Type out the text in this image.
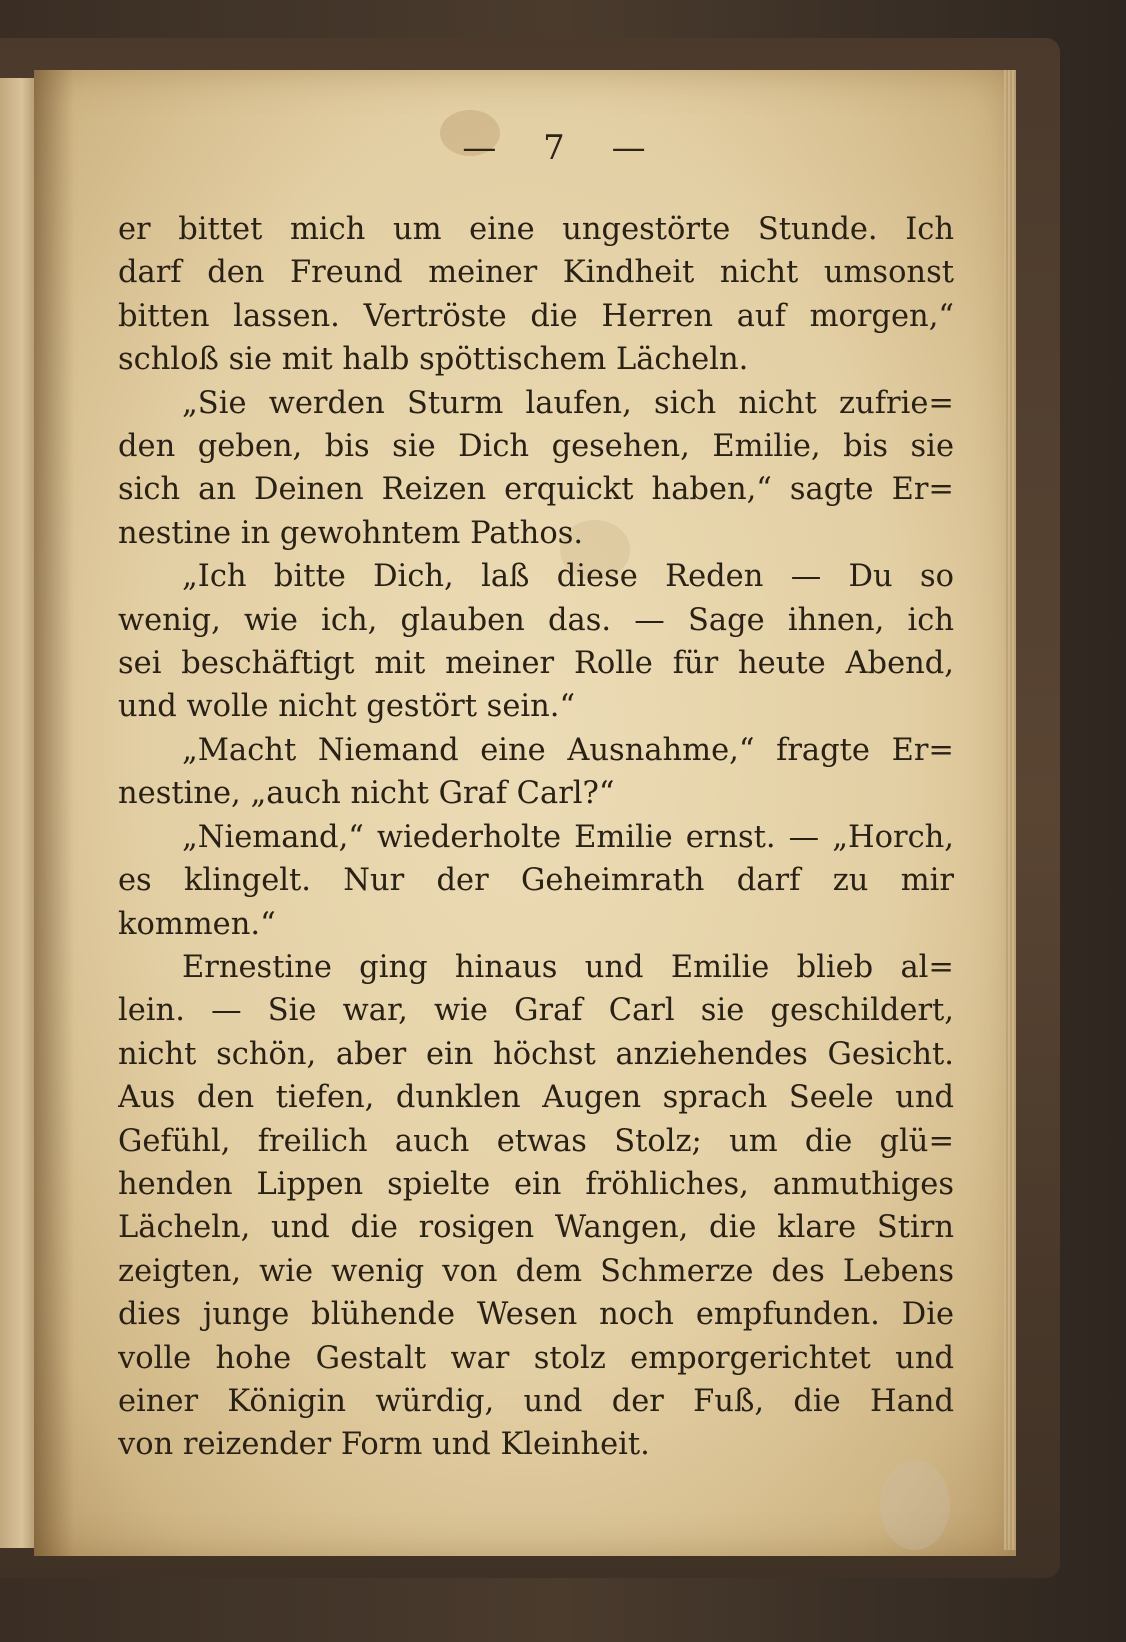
— 7 —
er bittet mich um eine ungestörte Stunde. Ich
darf den Freund meiner Kindheit nicht umsonst
bitten lassen. Vertröste die Herren auf morgen,“
schloß sie mit halb spöttischem Lächeln.
„Sie werden Sturm laufen, sich nicht zufrie=
den geben, bis sie Dich gesehen, Emilie, bis sie
sich an Deinen Reizen erquickt haben,“ sagte Er=
nestine in gewohntem Pathos.
„Ich bitte Dich, laß diese Reden — Du so
wenig, wie ich, glauben das. — Sage ihnen, ich
sei beschäftigt mit meiner Rolle für heute Abend,
und wolle nicht gestört sein.“
„Macht Niemand eine Ausnahme,“ fragte Er=
nestine, „auch nicht Graf Carl?“
„Niemand,“ wiederholte Emilie ernst. — „Horch,
es klingelt. Nur der Geheimrath darf zu mir
kommen.“
Ernestine ging hinaus und Emilie blieb al=
lein. — Sie war, wie Graf Carl sie geschildert,
nicht schön, aber ein höchst anziehendes Gesicht.
Aus den tiefen, dunklen Augen sprach Seele und
Gefühl, freilich auch etwas Stolz; um die glü=
henden Lippen spielte ein fröhliches, anmuthiges
Lächeln, und die rosigen Wangen, die klare Stirn
zeigten, wie wenig von dem Schmerze des Lebens
dies junge blühende Wesen noch empfunden. Die
volle hohe Gestalt war stolz emporgerichtet und
einer Königin würdig, und der Fuß, die Hand
von reizender Form und Kleinheit.
